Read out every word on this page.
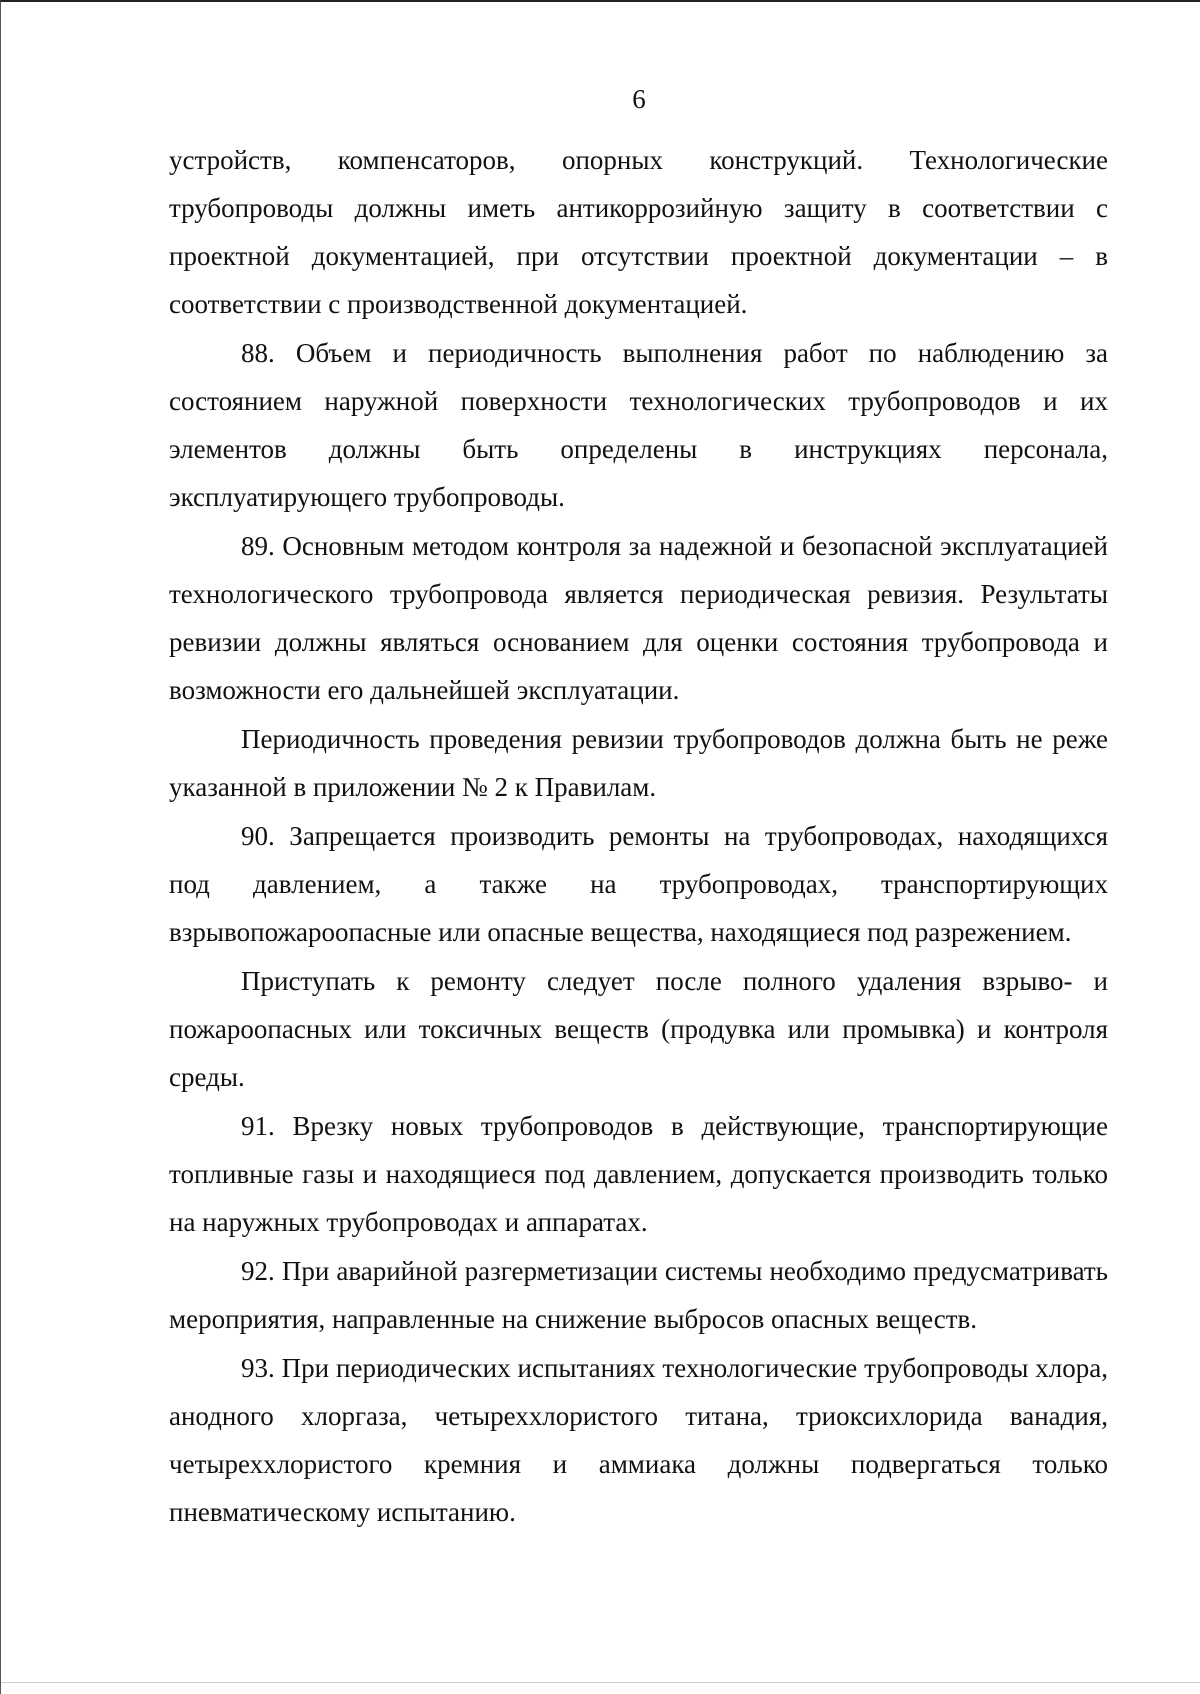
6

устройств, компенсаторов, опорных конструкций. Технологические трубопроводы должны иметь антикоррозийную защиту в соответствии с проектной документацией, при отсутствии проектной документации – в соответствии с производственной документацией.

88. Объем и периодичность выполнения работ по наблюдению за состоянием наружной поверхности технологических трубопроводов и их элементов должны быть определены в инструкциях персонала, эксплуатирующего трубопроводы.

89. Основным методом контроля за надежной и безопасной эксплуатацией технологического трубопровода является периодическая ревизия. Результаты ревизии должны являться основанием для оценки состояния трубопровода и возможности его дальнейшей эксплуатации.

Периодичность проведения ревизии трубопроводов должна быть не реже указанной в приложении № 2 к Правилам.

90. Запрещается производить ремонты на трубопроводах, находящихся под давлением, а также на трубопроводах, транспортирующих взрывопожароопасные или опасные вещества, находящиеся под разрежением.

Приступать к ремонту следует после полного удаления взрыво- и пожароопасных или токсичных веществ (продувка или промывка) и контроля среды.

91. Врезку новых трубопроводов в действующие, транспортирующие топливные газы и находящиеся под давлением, допускается производить только на наружных трубопроводах и аппаратах.

92. При аварийной разгерметизации системы необходимо предусматривать мероприятия, направленные на снижение выбросов опасных веществ.

93. При периодических испытаниях технологические трубопроводы хлора, анодного хлоргаза, четыреххлористого титана, триоксихлорида ванадия, четыреххлористого кремния и аммиака должны подвергаться только пневматическому испытанию.
